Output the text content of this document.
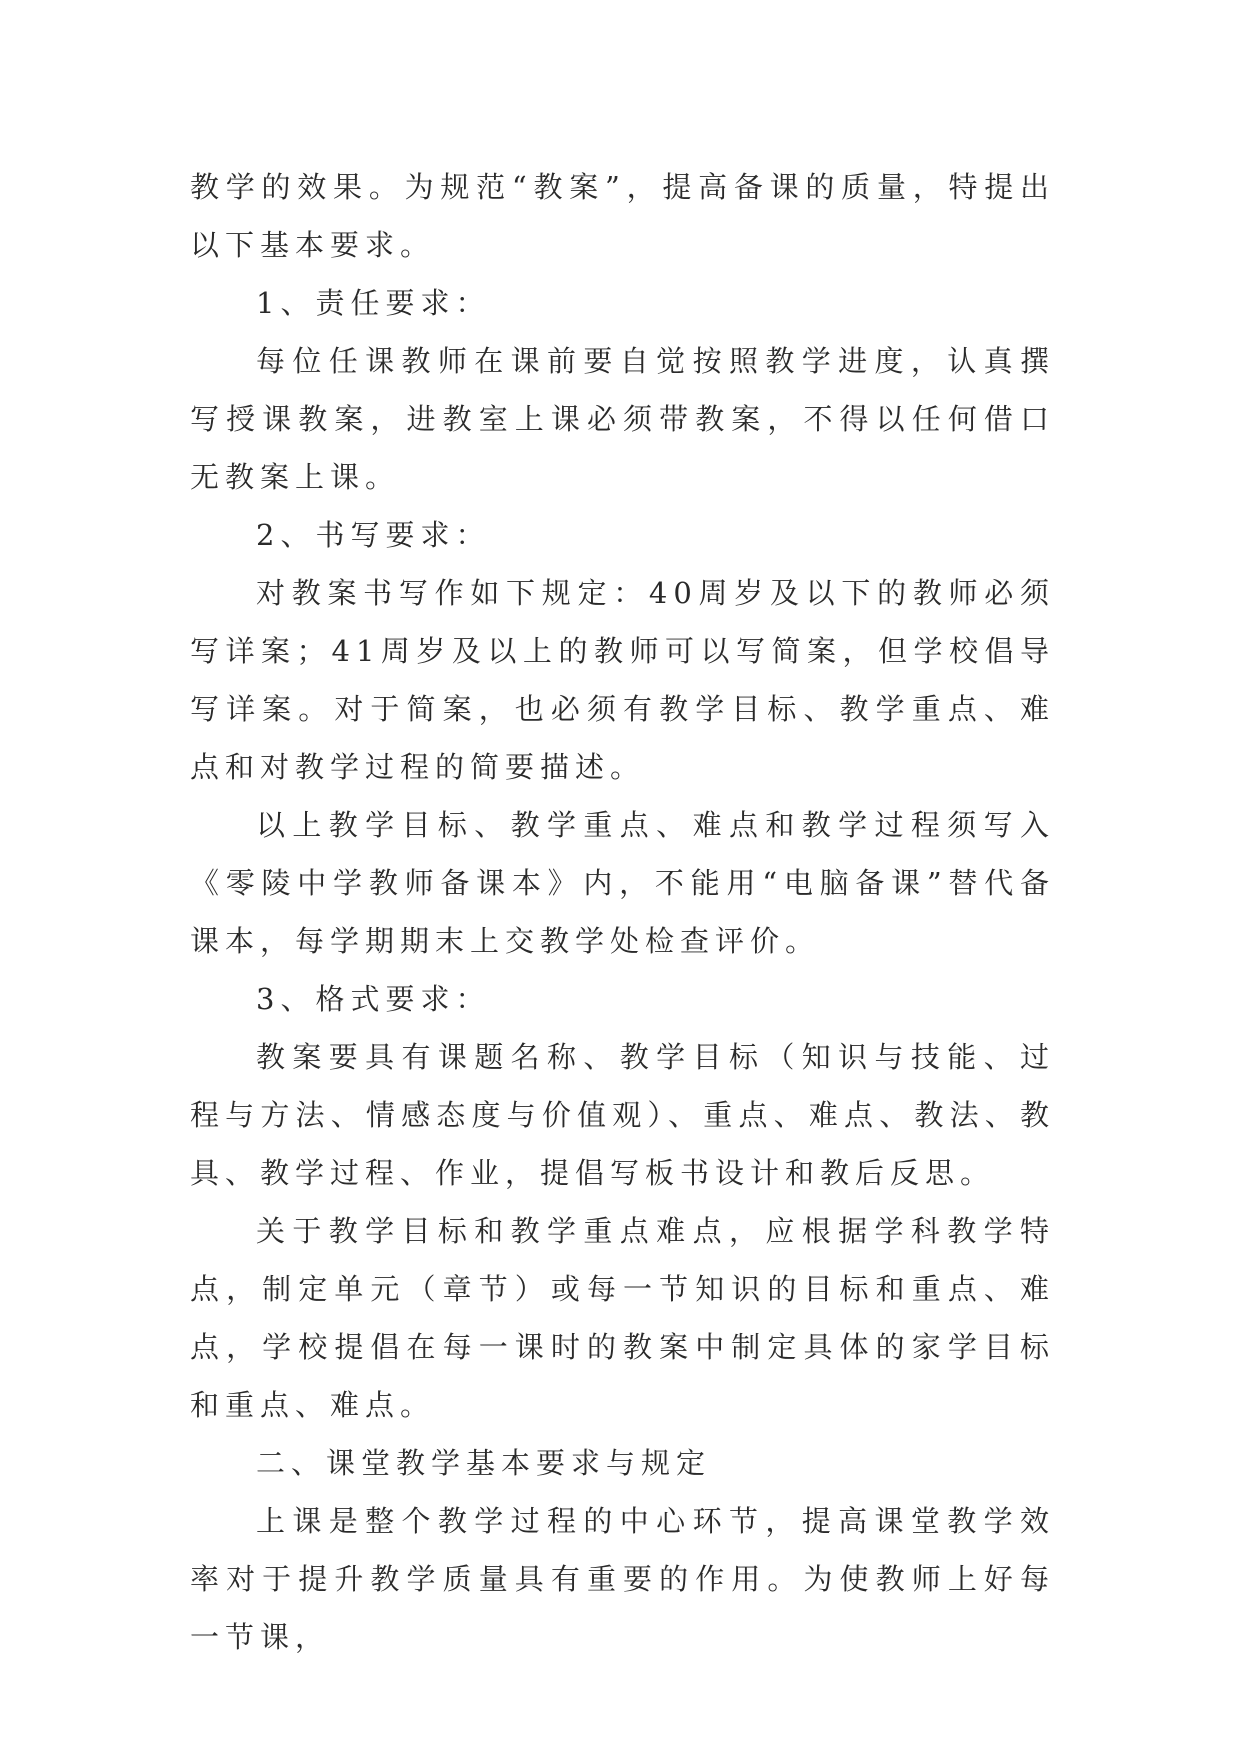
教学的效果。为规范“教案”，提高备课的质量，特提出以下基本要求。

1、责任要求：

每位任课教师在课前要自觉按照教学进度，认真撰写授课教案，进教室上课必须带教案，不得以任何借口无教案上课。

2、书写要求：

对教案书写作如下规定：40周岁及以下的教师必须写详案；41周岁及以上的教师可以写简案，但学校倡导写详案。对于简案，也必须有教学目标、教学重点、难点和对教学过程的简要描述。

以上教学目标、教学重点、难点和教学过程须写入《零陵中学教师备课本》内，不能用“电脑备课”替代备课本，每学期期末上交教学处检查评价。

3、格式要求：

教案要具有课题名称、教学目标（知识与技能、过程与方法、情感态度与价值观）、重点、难点、教法、教具、教学过程、作业，提倡写板书设计和教后反思。

关于教学目标和教学重点难点，应根据学科教学特点，制定单元（章节）或每一节知识的目标和重点、难点，学校提倡在每一课时的教案中制定具体的家学目标和重点、难点。

二、课堂教学基本要求与规定

上课是整个教学过程的中心环节，提高课堂教学效率对于提升教学质量具有重要的作用。为使教师上好每一节课，
